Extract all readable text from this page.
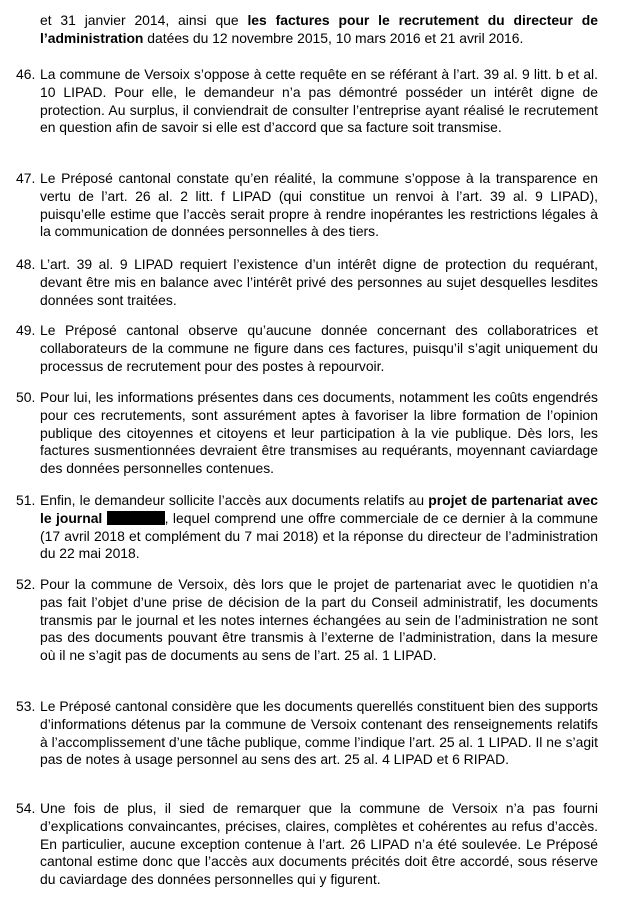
et 31 janvier 2014, ainsi que les factures pour le recrutement du directeur de l’administration datées du 12 novembre 2015, 10 mars 2016 et 21 avril 2016.

46. La commune de Versoix s’oppose à cette requête en se référant à l’art. 39 al. 9 litt. b et al. 10 LIPAD. Pour elle, le demandeur n’a pas démontré posséder un intérêt digne de protection. Au surplus, il conviendrait de consulter l’entreprise ayant réalisé le recrutement en question afin de savoir si elle est d’accord que sa facture soit transmise.
47. Le Préposé cantonal constate qu’en réalité, la commune s’oppose à la transparence en vertu de l’art. 26 al. 2 litt. f LIPAD (qui constitue un renvoi à l’art. 39 al. 9 LIPAD), puisqu’elle estime que l’accès serait propre à rendre inopérantes les restrictions légales à la communication de données personnelles à des tiers.
48. L’art. 39 al. 9 LIPAD requiert l’existence d’un intérêt digne de protection du requérant, devant être mis en balance avec l’intérêt privé des personnes au sujet desquelles lesdites données sont traitées.
49. Le Préposé cantonal observe qu’aucune donnée concernant des collaboratrices et collaborateurs de la commune ne figure dans ces factures, puisqu’il s’agit uniquement du processus de recrutement pour des postes à repourvoir.
50. Pour lui, les informations présentes dans ces documents, notamment les coûts engendrés pour ces recrutements, sont assurément aptes à favoriser la libre formation de l’opinion publique des citoyennes et citoyens et leur participation à la vie publique. Dès lors, les factures susmentionnées devraient être transmises au requérants, moyennant caviardage des données personnelles contenues.
51. Enfin, le demandeur sollicite l’accès aux documents relatifs au projet de partenariat avec le journal	, lequel comprend une offre commerciale de ce dernier à la commune (17 avril 2018 et complément du 7 mai 2018) et la réponse du directeur de l’administration du 22 mai 2018.
52. Pour la commune de Versoix, dès lors que le projet de partenariat avec le quotidien n’a pas fait l’objet d’une prise de décision de la part du Conseil administratif, les documents transmis par le journal et les notes internes échangées au sein de l’administration ne sont pas des documents pouvant être transmis à l’externe de l’administration, dans la mesure où il ne s’agit pas de documents au sens de l’art. 25 al. 1 LIPAD.
53. Le Préposé cantonal considère que les documents querellés constituent bien des supports d’informations détenus par la commune de Versoix contenant des renseignements relatifs à l’accomplissement d’une tâche publique, comme l’indique l’art. 25 al. 1 LIPAD. Il ne s’agit pas de notes à usage personnel au sens des art. 25 al. 4 LIPAD et 6 RIPAD.
54. Une fois de plus, il sied de remarquer que la commune de Versoix n’a pas fourni d’explications convaincantes, précises, claires, complètes et cohérentes au refus d’accès. En particulier, aucune exception contenue à l’art. 26 LIPAD n’a été soulevée. Le Préposé cantonal estime donc que l’accès aux documents précités doit être accordé, sous réserve du caviardage des données personnelles qui y figurent.
